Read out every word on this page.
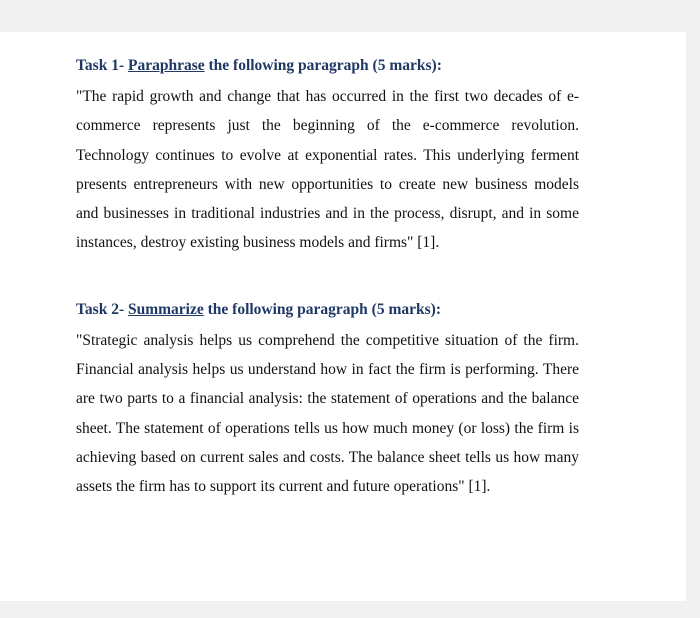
Task 1- Paraphrase the following paragraph (5 marks):

"The rapid growth and change that has occurred in the first two decades of e-commerce represents just the beginning of the e-commerce revolution. Technology continues to evolve at exponential rates. This underlying ferment presents entrepreneurs with new opportunities to create new business models and businesses in traditional industries and in the process, disrupt, and in some instances, destroy existing business models and firms" [1].

Task 2- Summarize the following paragraph (5 marks):

"Strategic analysis helps us comprehend the competitive situation of the firm. Financial analysis helps us understand how in fact the firm is performing. There are two parts to a financial analysis: the statement of operations and the balance sheet. The statement of operations tells us how much money (or loss) the firm is achieving based on current sales and costs. The balance sheet tells us how many assets the firm has to support its current and future operations" [1].
